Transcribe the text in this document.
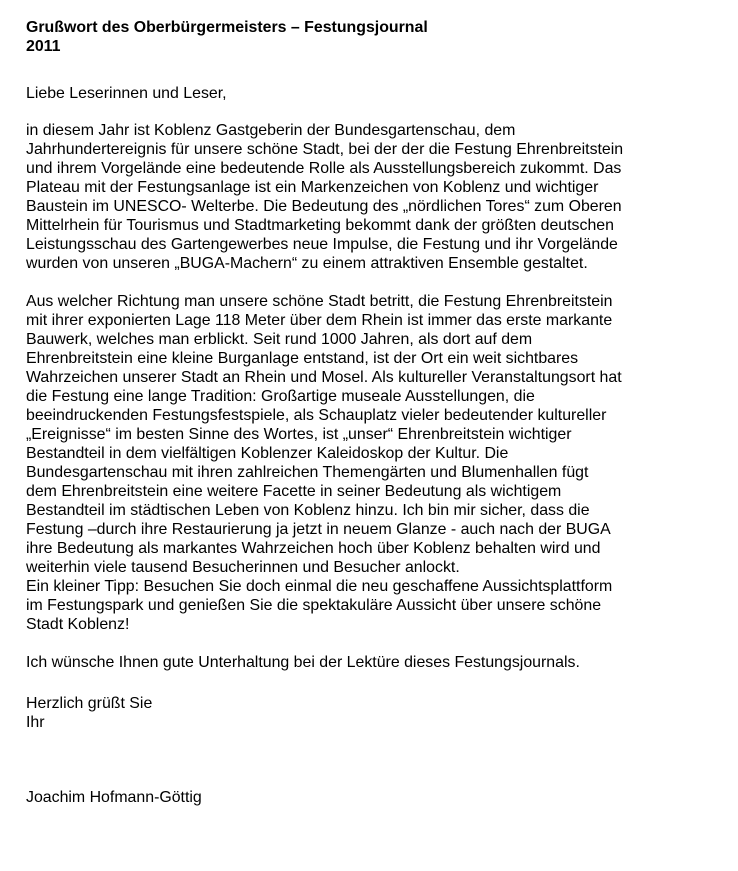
Grußwort des Oberbürgermeisters – Festungsjournal
2011

Liebe Leserinnen und Leser,

in diesem Jahr ist Koblenz Gastgeberin der Bundesgartenschau, dem
Jahrhundertereignis für unsere schöne Stadt, bei der der die Festung Ehrenbreitstein
und ihrem Vorgelände eine bedeutende Rolle als Ausstellungsbereich zukommt. Das
Plateau mit der Festungsanlage ist ein Markenzeichen von Koblenz und wichtiger
Baustein im UNESCO- Welterbe. Die Bedeutung des „nördlichen Tores“ zum Oberen
Mittelrhein für Tourismus und Stadtmarketing bekommt dank der größten deutschen
Leistungsschau des Gartengewerbes neue Impulse, die Festung und ihr Vorgelände
wurden von unseren „BUGA-Machern“ zu einem attraktiven Ensemble gestaltet.
Aus welcher Richtung man unsere schöne Stadt betritt, die Festung Ehrenbreitstein
mit ihrer exponierten Lage 118 Meter über dem Rhein ist immer das erste markante
Bauwerk, welches man erblickt. Seit rund 1000 Jahren, als dort auf dem
Ehrenbreitstein eine kleine Burganlage entstand, ist der Ort ein weit sichtbares
Wahrzeichen unserer Stadt an Rhein und Mosel. Als kultureller Veranstaltungsort hat
die Festung eine lange Tradition: Großartige museale Ausstellungen, die
beeindruckenden Festungsfestspiele, als Schauplatz vieler bedeutender kultureller
„Ereignisse“ im besten Sinne des Wortes, ist „unser“ Ehrenbreitstein wichtiger
Bestandteil in dem vielfältigen Koblenzer Kaleidoskop der Kultur. Die
Bundesgartenschau mit ihren zahlreichen Themengärten und Blumenhallen fügt
dem Ehrenbreitstein eine weitere Facette in seiner Bedeutung als wichtigem
Bestandteil im städtischen Leben von Koblenz hinzu. Ich bin mir sicher, dass die
Festung –durch ihre Restaurierung ja jetzt in neuem Glanze - auch nach der BUGA
ihre Bedeutung als markantes Wahrzeichen hoch über Koblenz behalten wird und
weiterhin viele tausend Besucherinnen und Besucher anlockt.
Ein kleiner Tipp: Besuchen Sie doch einmal die neu geschaffene Aussichtsplattform
im Festungspark und genießen Sie die spektakuläre Aussicht über unsere schöne
Stadt Koblenz!
Ich wünsche Ihnen gute Unterhaltung bei der Lektüre dieses Festungsjournals.
Herzlich grüßt Sie
Ihr

Joachim Hofmann-Göttig
